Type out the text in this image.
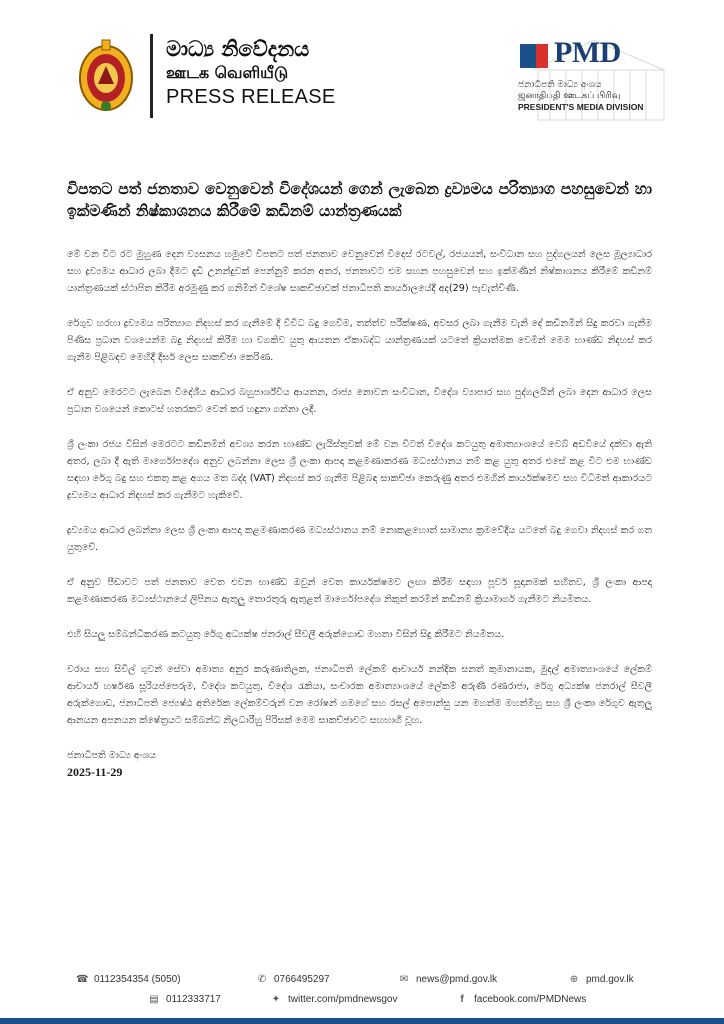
මාධ්‍ය නිවේදනය
ஊடக வெளியீடு
PRESS RELEASE
PMD
ජනාධිපති මාධ්‍ය අංශය
ஜனாதிபதி ஊடகப் பிரிவு
PRESIDENT'S MEDIA DIVISION
විපතට පත් ජනතාව වෙනුවෙන් විදේශයන් ගෙන් ලැබෙන ද්‍රව්‍යමය පරිත්‍යාග පහසුවෙන් හා ඉක්මණින් නිෂ්කාශනය කිරීමේ කඩිනම් යාන්ත්‍රණයක්

මේ වන විට රට මුහුණ දෙන ව්‍යසනය හමුවේ විපතට පත් ජනතාව වෙනුවෙන් විදෙස් රටවල්, රජයයන්, සංවිධාන සහ පුද්ගලයන් ලෙස මූල්‍යාධාර සහ ද්‍රව්‍යමය ආධාර ලබා දීමට දැඩි උනන්දුවක් පෙන්නුම් කරන අතර, ජනතාවට එම සහන පහසුවෙන් සහ ඉක්මණින් නිෂ්කාශනය කිරීමේ කඩිනම් යාන්ත්‍රණයක් ස්ථාපිත කිරීම අරමුණු කර ගනිමින් විශේෂ සාකච්ඡාවක් ජනාධිපති කාර්යාලයේදී අද(29) පැවැත්විණි.

රේගුව හරහා ද්‍රව්‍යමය පරිත්‍යාග නිදහස් කර ගැනීමේ දී විවිධ බදු ගෙවීම, තත්ත්ව පරීක්ෂණ, අවසර ලබා ගැනීම වැනි දේ කඩිනමින් සිදු කරවා ගැනීම පිණිස ප්‍රධාන වශයෙන්ම බදු නිදහස් කිරීම හා වගකිව යුතු ආයතන ඒකාබද්ධ යාන්ත්‍රණයක් යටතේ ක්‍රියාත්මක වෙමින් මෙම භාණ්ඩ නිදහස් කර ගැනීම පිළිබඳව මෙහිදී දීර්ඝ ලෙස සාකච්ඡා කෙරිණ.

ඒ අනුව මෙරටට ලැබෙන විදේශීය ආධාර බහුපාර්ශ්වීය ආයතන, රාජ්‍ය නොවන සංවිධාන, විදේශ ව්‍යාපාර සහ පුද්ගලයින් ලබා දෙන ආධාර ලෙස ප්‍රධාන වශයෙන් කොටස් හතරකට වෙන් කර හඳුනා ගන්නා ලදී.

ශ්‍රී ලංකා රජය විසින් මෙරටට කඩිනමින් අවශ්‍ය කරන භාණ්ඩ ලැයිස්තුවක් මේ වන විටත් විදේශ කටයුතු අමාත්‍යාංශයේ වෙබ් අඩවියේ දක්වා ඇති අතර, ලබා දී ඇති මාර්ගෝපදේශ අනුව ලබන්නා ලෙස ශ්‍රී ලංකා ආපදා කළමණාකරණ මධ්‍යස්ථානය නම් කළ යුතු අතර එසේ කළ විට එම භාණ්ඩ සඳහා රේගු බදු සහ එකතු කළ අගය මත බද්ද (VAT) නිදහස් කර ගැනීම පිළිබඳ සාකච්ඡා කෙරුණු අතර එමගින් කාර්යක්ෂමව සහ විධිමත් ආකාරයට ද්‍රව්‍යමය ආධාර නිදහස් කර ගැනීමට හැකිවේ.

ද්‍රව්‍යමය ආධාර ලබන්නා ලෙස ශ්‍රී ලංකා ආපදා කළමණාකරණ මධ්‍යස්ථානය නම් නොකළහොත් සාමාන්‍ය ක්‍රමවේදිය යටතේ බදු ගෙවා නිදහස් කර ගත යුතුවේ.

ඒ අනුව පීඩාවට පත් ජනතාව වෙත එවන භාණ්ඩ ඔවුන් වෙත කාර්යක්ෂමව ලඟා කිරීම සඳහා පූර්ව සූදානමක් සහිතව, ශ්‍රී ලංකා ආපදා කළමණාකරණ මධ්‍යස්ථානයේ ලිපිනය ඇතුලු තොරතුරු ඇතුළත් මාර්ගෝපදේශ නිකුත් කරමින් කඩිනම් ක්‍රියාමාර්ග ගැනීමට නියමිතය.

එහි සියලු සම්බන්ධීකරණ කටයුතු රේගු අධ්‍යක්ෂ ජනරාල් සීවලී අරුක්ගොඩ මහතා විසින් සිදු කිරීමට නියමිතය.

වරාය සහ සිවිල් ගුවන් සේවා අමාත්‍ය අනුර කරුණාතිලක, ජනාධිපති ලේකම් ආචාර්ය නන්දික සනත් කුමානායක, මුදල් අමාත්‍යාංශයේ ලේකම් ආචාර්ය හර්ෂණ සූරියප්පෙරුම, විදේශ කටයුතු, විදේශ රැකියා, සංචාරක අමාත්‍යාංශයේ ලේකම් අරුණි රණරාජා, රේගු අධ්‍යක්ෂ ජනරාල් සීවලී අරුක්ගොඩ, ජනාධිපති ජ්‍යෙෂ්ඨ අතිරේක ලේකම්වරුන් වන රෝෂන් ගමගේ සහ රසල් අපොන්සු යන මහත්ම මහත්මීහු සහ ශ්‍රී ලංකා රේගුව ඇතුලු ආනයන අපනයන ක්ෂේත්‍රයට සම්බන්ධ නිලධාරීහු පිරිසක් මෙම සාකච්ඡාවට සහභාගී වූහ.

ජනාධිපති මාධ්‍ය අංශය

2025-11-29

☎ 0112354354 (5050)	✆ 0766495297	✉ news@pmd.gov.lk	⊕ pmd.gov.lk
▤ 0112333717	✦ twitter.com/pmdnewsgov	f	facebook.com/PMDNews
